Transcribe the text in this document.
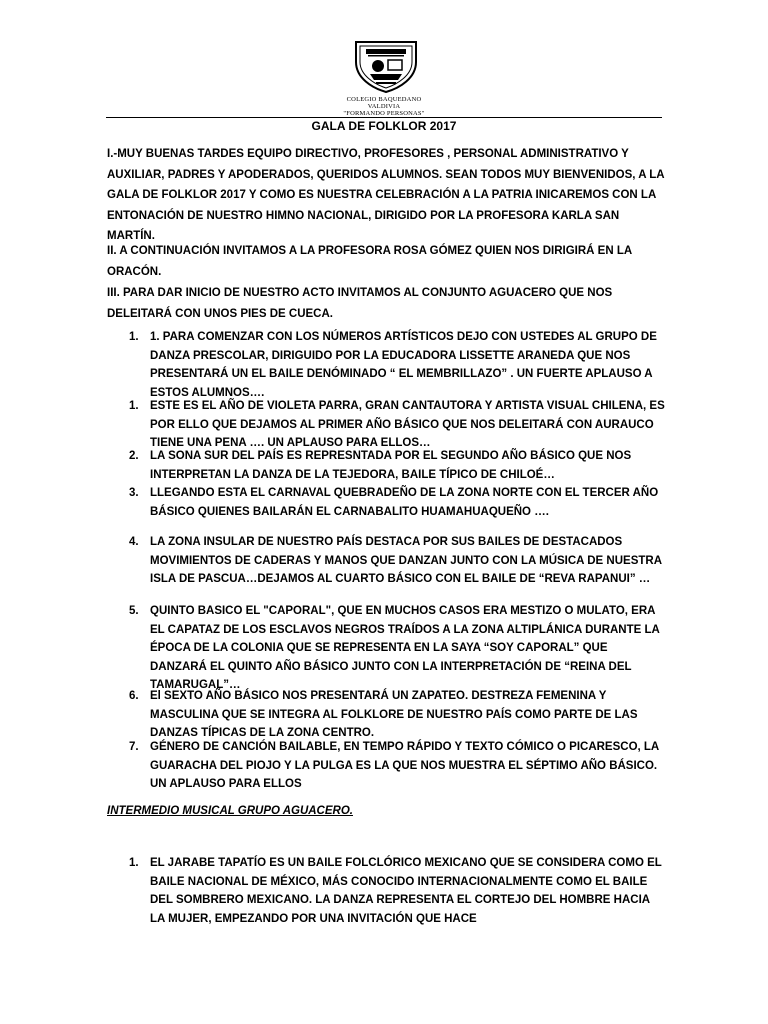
COLEGIO BAQUEDANO
VALDIVIA
"FORMANDO PERSONAS"
GALA DE FOLKLOR 2017
I.-MUY BUENAS TARDES EQUIPO DIRECTIVO, PROFESORES , PERSONAL ADMINISTRATIVO Y AUXILIAR, PADRES Y APODERADOS, QUERIDOS ALUMNOS. SEAN TODOS MUY BIENVENIDOS, A LA GALA DE FOLKLOR 2017 Y COMO ES NUESTRA CELEBRACIÓN A LA PATRIA INICAREMOS CON LA ENTONACIÓN DE NUESTRO HIMNO NACIONAL, DIRIGIDO POR LA PROFESORA KARLA SAN MARTÍN.
II. A CONTINUACIÓN INVITAMOS A LA PROFESORA ROSA GÓMEZ QUIEN NOS DIRIGIRÁ EN LA ORACÓN.
III. PARA DAR INICIO DE NUESTRO ACTO INVITAMOS AL CONJUNTO AGUACERO QUE NOS DELEITARÁ CON UNOS PIES DE CUECA.
1. 1. PARA COMENZAR CON LOS NÚMEROS ARTÍSTICOS DEJO CON USTEDES AL GRUPO DE DANZA PRESCOLAR, DIRIGUIDO POR LA EDUCADORA LISSETTE ARANEDA QUE NOS PRESENTARÁ UN EL BAILE DENÓMINADO “ EL MEMBRILLAZO” . UN FUERTE APLAUSO A ESTOS ALUMNOS….
1. ESTE ES EL AÑO DE VIOLETA PARRA, GRAN CANTAUTORA Y ARTISTA VISUAL CHILENA, ES POR ELLO QUE DEJAMOS AL PRIMER AÑO BÁSICO QUE NOS DELEITARÁ CON AURAUCO TIENE UNA PENA …. UN APLAUSO PARA ELLOS…
2. LA SONA SUR DEL PAÍS ES REPRESNTADA POR EL SEGUNDO AÑO BÁSICO QUE NOS INTERPRETAN LA DANZA DE LA TEJEDORA, BAILE TÍPICO DE CHILOÉ…
3. LLEGANDO ESTA EL CARNAVAL QUEBRADEÑO DE LA ZONA NORTE CON EL TERCER AÑO BÁSICO QUIENES BAILARÁN EL CARNABALITO HUAMAHUAQUEÑO ….
4. LA ZONA INSULAR DE NUESTRO PAÍS DESTACA POR SUS BAILES DE DESTACADOS MOVIMIENTOS DE CADERAS Y MANOS QUE DANZAN JUNTO CON LA MÚSICA DE NUESTRA ISLA DE PASCUA…DEJAMOS AL CUARTO BÁSICO CON EL BAILE DE “REVA RAPANUI” …
5. QUINTO BASICO EL "CAPORAL", QUE EN MUCHOS CASOS ERA MESTIZO O MULATO, ERA EL CAPATAZ DE LOS ESCLAVOS NEGROS TRAÍDOS A LA ZONA ALTIPLÁNICA DURANTE LA ÉPOCA DE LA COLONIA QUE SE REPRESENTA EN LA SAYA “SOY CAPORAL” QUE DANZARÁ EL QUINTO AÑO BÁSICO JUNTO CON LA INTERPRETACIÓN DE “REINA DEL TAMARUGAL”…
6. El SEXTO AÑO BÁSICO NOS PRESENTARÁ UN ZAPATEO. DESTREZA FEMENINA Y MASCULINA QUE SE INTEGRA AL FOLKLORE DE NUESTRO PAÍS COMO PARTE DE LAS DANZAS TÍPICAS DE LA ZONA CENTRO.
7. GÉNERO DE CANCIÓN BAILABLE, EN TEMPO RÁPIDO Y TEXTO CÓMICO O PICARESCO, LA GUARACHA DEL PIOJO Y LA PULGA ES LA QUE NOS MUESTRA EL SÉPTIMO AÑO BÁSICO. UN APLAUSO PARA ELLOS
INTERMEDIO MUSICAL GRUPO AGUACERO.
1. EL JARABE TAPATÍO ES UN BAILE FOLCLÓRICO MEXICANO QUE SE CONSIDERA COMO EL BAILE NACIONAL DE MÉXICO, MÁS CONOCIDO INTERNACIONALMENTE COMO EL BAILE DEL SOMBRERO MEXICANO. LA DANZA REPRESENTA EL CORTEJO DEL HOMBRE HACIA LA MUJER, EMPEZANDO POR UNA INVITACIÓN QUE HACE
